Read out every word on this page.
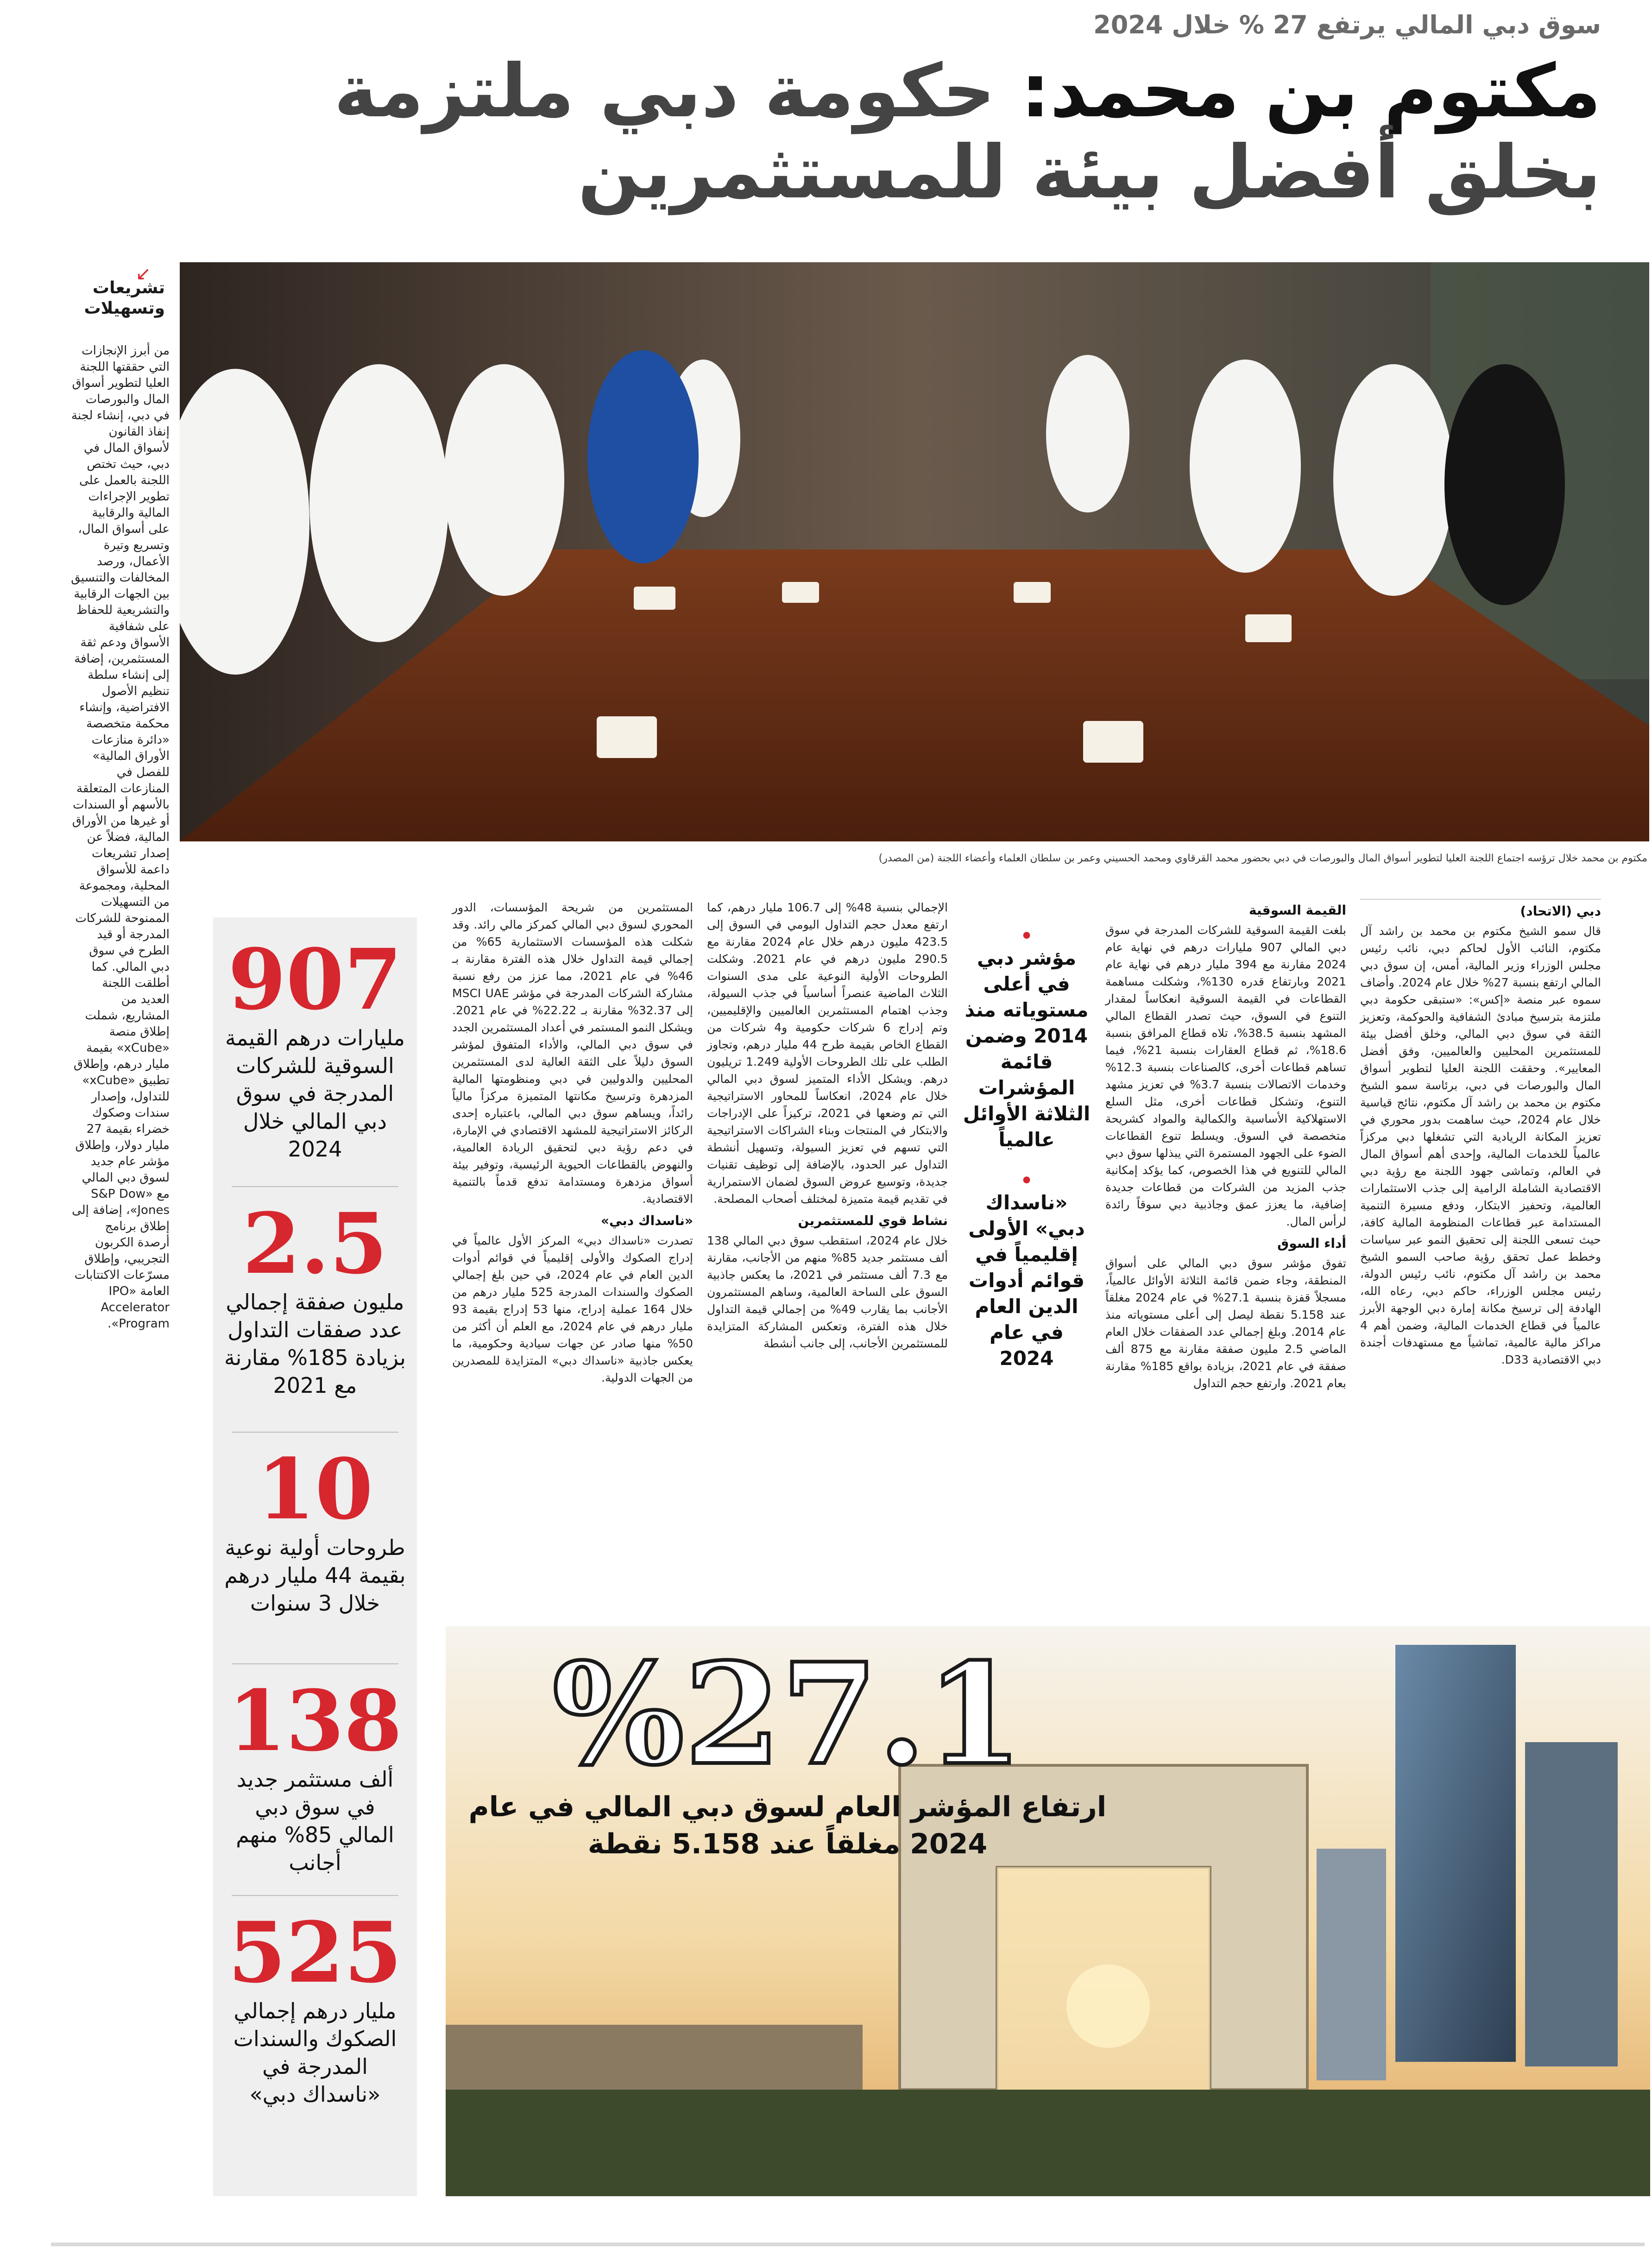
سوق دبي المالي يرتفع 27 % خلال 2024
مكتوم بن محمد: حكومة دبي ملتزمة بخلق أفضل بيئة للمستثمرين
مكتوم بن محمد خلال ترؤسه اجتماع اللجنة العليا لتطوير أسواق المال والبورصات في دبي بحضور محمد القرقاوي ومحمد الحسيني وعمر بن سلطان العلماء وأعضاء اللجنة (من المصدر)
↙
تشريعات وتسهيلات
من أبرز الإنجازات التي حققتها اللجنة العليا لتطوير أسواق المال والبورصات في دبي، إنشاء لجنة إنفاذ القانون لأسواق المال في دبي، حيث تختص اللجنة بالعمل على تطوير الإجراءات المالية والرقابية على أسواق المال، وتسريع وتيرة الأعمال، ورصد المخالفات والتنسيق بين الجهات الرقابية والتشريعية للحفاظ على شفافية الأسواق ودعم ثقة المستثمرين، إضافة إلى إنشاء سلطة تنظيم الأصول الافتراضية، وإنشاء محكمة متخصصة «دائرة منازعات الأوراق المالية» للفصل في المنازعات المتعلقة بالأسهم أو السندات أو غيرها من الأوراق المالية، فضلاً عن إصدار تشريعات داعمة للأسواق المحلية، ومجموعة من التسهيلات الممنوحة للشركات المدرجة أو قيد الطرح في سوق دبي المالي. كما أطلقت اللجنة العديد من المشاريع، شملت إطلاق منصة «xCube» بقيمة مليار درهم، وإطلاق تطبيق «xCube» للتداول، وإصدار سندات وصكوك خضراء بقيمة 27 مليار دولار، وإطلاق مؤشر عام جديد لسوق دبي المالي مع «S&P Dow Jones»، إضافة إلى إطلاق برنامج أرصدة الكربون التجريبي، وإطلاق مسرّعات الاكتتابات العامة «IPO Accelerator Program».
907
مليارات درهم القيمة السوقية للشركات المدرجة في سوق دبي المالي خلال 2024
2.5
مليون صفقة إجمالي عدد صفقات التداول بزيادة 185% مقارنة مع 2021
10
طروحات أولية نوعية بقيمة 44 مليار درهم خلال 3 سنوات
138
ألف مستثمر جديد في سوق دبي المالي 85% منهم أجانب
525
مليار درهم إجمالي الصكوك والسندات المدرجة في «ناسداك دبي»
دبي (الاتحاد)

قال سمو الشيخ مكتوم بن محمد بن راشد آل مكتوم، النائب الأول لحاكم دبي، نائب رئيس مجلس الوزراء وزير المالية، أمس، إن سوق دبي المالي ارتفع بنسبة 27% خلال عام 2024. وأضاف سموه عبر منصة «إكس»: «ستبقى حكومة دبي ملتزمة بترسيخ مبادئ الشفافية والحوكمة، وتعزيز الثقة في سوق دبي المالي، وخلق أفضل بيئة للمستثمرين المحليين والعالميين، وفق أفضل المعايير». وحققت اللجنة العليا لتطوير أسواق المال والبورصات في دبي، برئاسة سمو الشيخ مكتوم بن محمد بن راشد آل مكتوم، نتائج قياسية خلال عام 2024، حيث ساهمت بدور محوري في تعزيز المكانة الريادية التي تشغلها دبي مركزاً عالمياً للخدمات المالية، وإحدى أهم أسواق المال في العالم، وتماشى جهود اللجنة مع رؤية دبي الاقتصادية الشاملة الرامية إلى جذب الاستثمارات العالمية، وتحفيز الابتكار، ودفع مسيرة التنمية المستدامة عبر قطاعات المنظومة المالية كافة، حيث تسعى اللجنة إلى تحقيق النمو عبر سياسات وخطط عمل تحقق رؤية صاحب السمو الشيخ محمد بن راشد آل مكتوم، نائب رئيس الدولة، رئيس مجلس الوزراء، حاكم دبي، رعاه الله، الهادفة إلى ترسيخ مكانة إمارة دبي الوجهة الأبرز عالمياً في قطاع الخدمات المالية، وضمن أهم 4 مراكز مالية عالمية، تماشياً مع مستهدفات أجندة دبي الاقتصادية D33.

القيمة السوقية

بلغت القيمة السوقية للشركات المدرجة في سوق دبي المالي 907 مليارات درهم في نهاية عام 2024 مقارنة مع 394 مليار درهم في نهاية عام 2021 وبارتفاع قدره 130%، وشكلت مساهمة القطاعات في القيمة السوقية انعكاساً لمقدار التنوع في السوق، حيث تصدر القطاع المالي المشهد بنسبة 38.5%، تلاه قطاع المرافق بنسبة 18.6%، ثم قطاع العقارات بنسبة 21%، فيما تساهم قطاعات أخرى، كالصناعات بنسبة 12.3% وخدمات الاتصالات بنسبة 3.7% في تعزيز مشهد التنوع، وتشكل قطاعات أخرى، مثل السلع الاستهلاكية الأساسية والكمالية والمواد كشريحة متخصصة في السوق. ويسلط تنوع القطاعات الضوء على الجهود المستمرة التي يبذلها سوق دبي المالي للتنويع في هذا الخصوص، كما يؤكد إمكانية جذب المزيد من الشركات من قطاعات جديدة إضافية، ما يعزز عمق وجاذبية دبي سوقاً رائدة لرأس المال.

أداء السوق

تفوق مؤشر سوق دبي المالي على أسواق المنطقة، وجاء ضمن قائمة الثلاثة الأوائل عالمياً، مسجلاً قفزة بنسبة 27.1% في عام 2024 مغلقاً عند 5.158 نقطة ليصل إلى أعلى مستوياته منذ عام 2014. وبلغ إجمالي عدد الصفقات خلال العام الماضي 2.5 مليون صفقة مقارنة مع 875 ألف صفقة في عام 2021، بزيادة بواقع 185% مقارنة بعام 2021. وارتفع حجم التداول

•
مؤشر دبي في أعلى مستوياته منذ 2014 وضمن قائمة المؤشرات الثلاثة الأوائل عالمياً
•
«ناسداك دبي» الأولى إقليمياً في قوائم أدوات الدين العام في عام 2024

الإجمالي بنسبة 48% إلى 106.7 مليار درهم، كما ارتفع معدل حجم التداول اليومي في السوق إلى 423.5 مليون درهم خلال عام 2024 مقارنة مع 290.5 مليون درهم في عام 2021. وشكلت الطروحات الأولية النوعية على مدى السنوات الثلاث الماضية عنصراً أساسياً في جذب السيولة، وجذب اهتمام المستثمرين العالميين والإقليميين، وتم إدراج 6 شركات حكومية و4 شركات من القطاع الخاص بقيمة طرح 44 مليار درهم، وتجاوز الطلب على تلك الطروحات الأولية 1.249 تريليون درهم. ويشكل الأداء المتميز لسوق دبي المالي خلال عام 2024، انعكاساً للمحاور الاستراتيجية التي تم وضعها في 2021، تركيزاً على الإدراجات والابتكار في المنتجات وبناء الشراكات الاستراتيجية التي تسهم في تعزيز السيولة، وتسهيل أنشطة التداول عبر الحدود، بالإضافة إلى توظيف تقنيات جديدة، وتوسيع عروض السوق لضمان الاستمرارية في تقديم قيمة متميزة لمختلف أصحاب المصلحة.

نشاط قوي للمستثمرين

خلال عام 2024، استقطب سوق دبي المالي 138 ألف مستثمر جديد 85% منهم من الأجانب، مقارنة مع 7.3 ألف مستثمر في 2021، ما يعكس جاذبية السوق على الساحة العالمية، وساهم المستثمرون الأجانب بما يقارب 49% من إجمالي قيمة التداول خلال هذه الفترة، وتعكس المشاركة المتزايدة للمستثمرين الأجانب، إلى جانب أنشطة

المستثمرين من شريحة المؤسسات، الدور المحوري لسوق دبي المالي كمركز مالي رائد. وقد شكلت هذه المؤسسات الاستثمارية 65% من إجمالي قيمة التداول خلال هذه الفترة مقارنة بـ 46% في عام 2021، مما عزز من رفع نسبة مشاركة الشركات المدرجة في مؤشر MSCI UAE إلى 32.37% مقارنة بـ 22.22% في عام 2021. ويشكل النمو المستمر في أعداد المستثمرين الجدد في سوق دبي المالي، والأداء المتفوق لمؤشر السوق دليلاً على الثقة العالية لدى المستثمرين المحليين والدوليين في دبي ومنظومتها المالية المزدهرة وترسيخ مكانتها المتميزة مركزاً مالياً رائداً، ويساهم سوق دبي المالي، باعتباره إحدى الركائز الاستراتيجية للمشهد الاقتصادي في الإمارة، في دعم رؤية دبي لتحقيق الريادة العالمية، والنهوض بالقطاعات الحيوية الرئيسية، وتوفير بيئة أسواق مزدهرة ومستدامة تدفع قدماً بالتنمية الاقتصادية.

«ناسداك دبي»

تصدرت «ناسداك دبي» المركز الأول عالمياً في إدراج الصكوك والأولى إقليمياً في قوائم أدوات الدين العام في عام 2024، في حين بلغ إجمالي الصكوك والسندات المدرجة 525 مليار درهم من خلال 164 عملية إدراج، منها 53 إدراج بقيمة 93 مليار درهم في عام 2024، مع العلم أن أكثر من 50% منها صادر عن جهات سيادية وحكومية، ما يعكس جاذبية «ناسداك دبي» المتزايدة للمصدرين من الجهات الدولية.

%27.1
ارتفاع المؤشر العام لسوق دبي المالي في عام 2024 مغلقاً عند 5.158 نقطة
